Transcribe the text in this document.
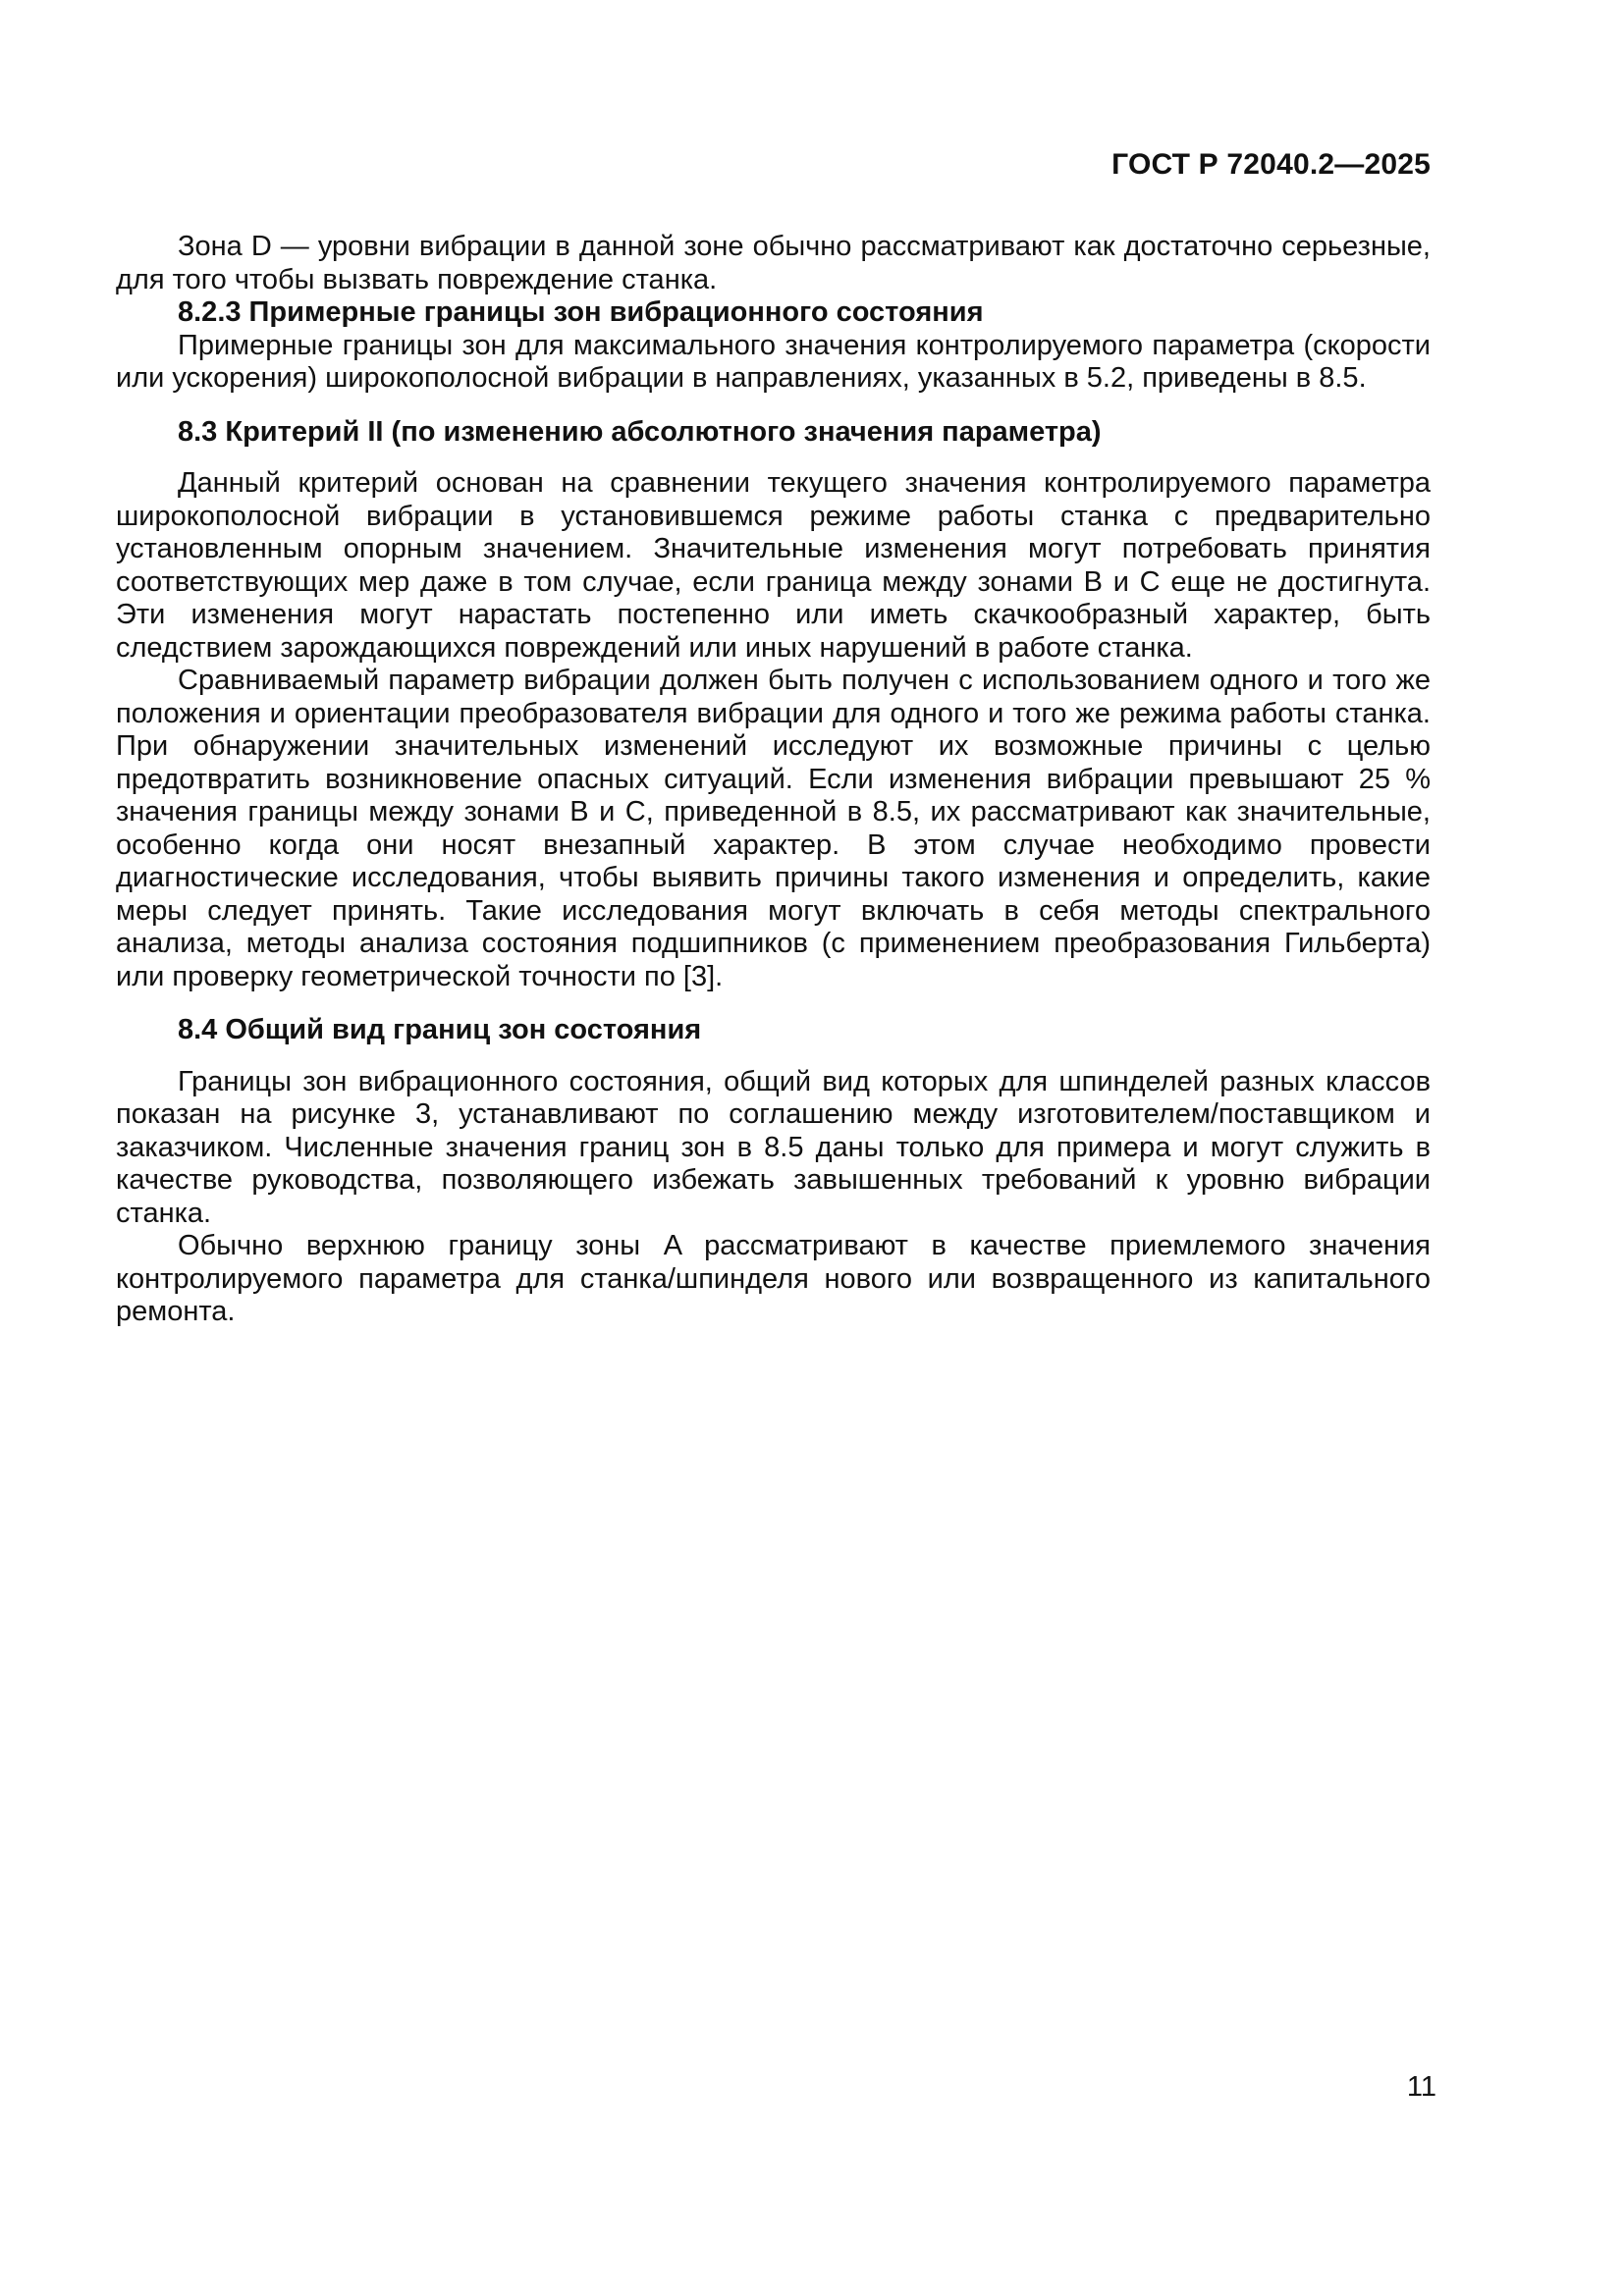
ГОСТ Р 72040.2—2025

Зона D — уровни вибрации в данной зоне обычно рассматривают как достаточно серьезные, для того чтобы вызвать повреждение станка.

8.2.3 Примерные границы зон вибрационного состояния

Примерные границы зон для максимального значения контролируемого параметра (скорости или ускорения) широкополосной вибрации в направлениях, указанных в 5.2, приведены в 8.5.

8.3 Критерий II (по изменению абсолютного значения параметра)

Данный критерий основан на сравнении текущего значения контролируемого параметра широкополосной вибрации в установившемся режиме работы станка с предварительно установленным опорным значением. Значительные изменения могут потребовать принятия соответствующих мер даже в том случае, если граница между зонами B и C еще не достигнута. Эти изменения могут нарастать постепенно или иметь скачкообразный характер, быть следствием зарождающихся повреждений или иных нарушений в работе станка.

Сравниваемый параметр вибрации должен быть получен с использованием одного и того же положения и ориентации преобразователя вибрации для одного и того же режима работы станка. При обнаружении значительных изменений исследуют их возможные причины с целью предотвратить возникновение опасных ситуаций. Если изменения вибрации превышают 25 % значения границы между зонами B и C, приведенной в 8.5, их рассматривают как значительные, особенно когда они носят внезапный характер. В этом случае необходимо провести диагностические исследования, чтобы выявить причины такого изменения и определить, какие меры следует принять. Такие исследования могут включать в себя методы спектрального анализа, методы анализа состояния подшипников (с применением преобразования Гильберта) или проверку геометрической точности по [3].

8.4 Общий вид границ зон состояния

Границы зон вибрационного состояния, общий вид которых для шпинделей разных классов показан на рисунке 3, устанавливают по соглашению между изготовителем/поставщиком и заказчиком. Численные значения границ зон в 8.5 даны только для примера и могут служить в качестве руководства, позволяющего избежать завышенных требований к уровню вибрации станка.

Обычно верхнюю границу зоны A рассматривают в качестве приемлемого значения контролируемого параметра для станка/шпинделя нового или возвращенного из капитального ремонта.

11
